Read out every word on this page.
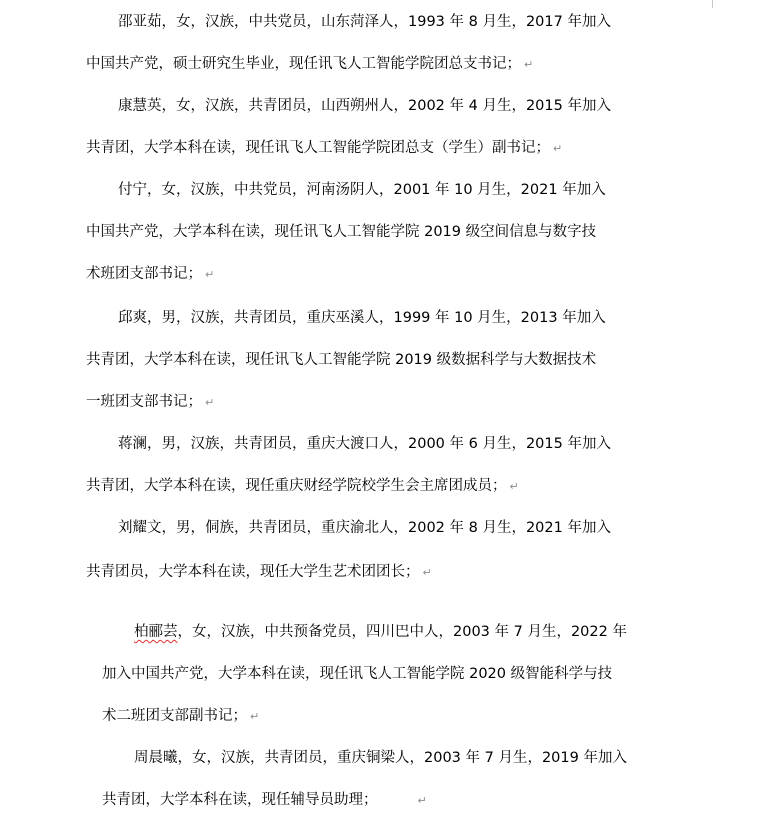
邵亚茹，女，汉族，中共党员，山东菏泽人，1993 年 8 月生，2017 年加入
中国共产党，硕士研究生毕业，现任讯飞人工智能学院团总支书记； ↵
康慧英，女，汉族，共青团员，山西朔州人，2002 年 4 月生，2015 年加入
共青团，大学本科在读，现任讯飞人工智能学院团总支（学生）副书记； ↵
付宁，女，汉族，中共党员，河南汤阴人，2001 年 10 月生，2021 年加入
中国共产党，大学本科在读，现任讯飞人工智能学院 2019 级空间信息与数字技
术班团支部书记； ↵
邱爽，男，汉族，共青团员，重庆巫溪人，1999 年 10 月生，2013 年加入
共青团，大学本科在读，现任讯飞人工智能学院 2019 级数据科学与大数据技术
一班团支部书记； ↵
蒋澜，男，汉族，共青团员，重庆大渡口人，2000 年 6 月生，2015 年加入
共青团，大学本科在读，现任重庆财经学院校学生会主席团成员； ↵
刘耀文，男，侗族，共青团员，重庆渝北人，2002 年 8 月生，2021 年加入
共青团员，大学本科在读，现任大学生艺术团团长； ↵
柏郦芸，女，汉族，中共预备党员，四川巴中人，2003 年 7 月生，2022 年
加入中国共产党，大学本科在读，现任讯飞人工智能学院 2020 级智能科学与技
术二班团支部副书记； ↵
周晨曦，女，汉族，共青团员，重庆铜梁人，2003 年 7 月生，2019 年加入
共青团，大学本科在读，现任辅导员助理；	↵
